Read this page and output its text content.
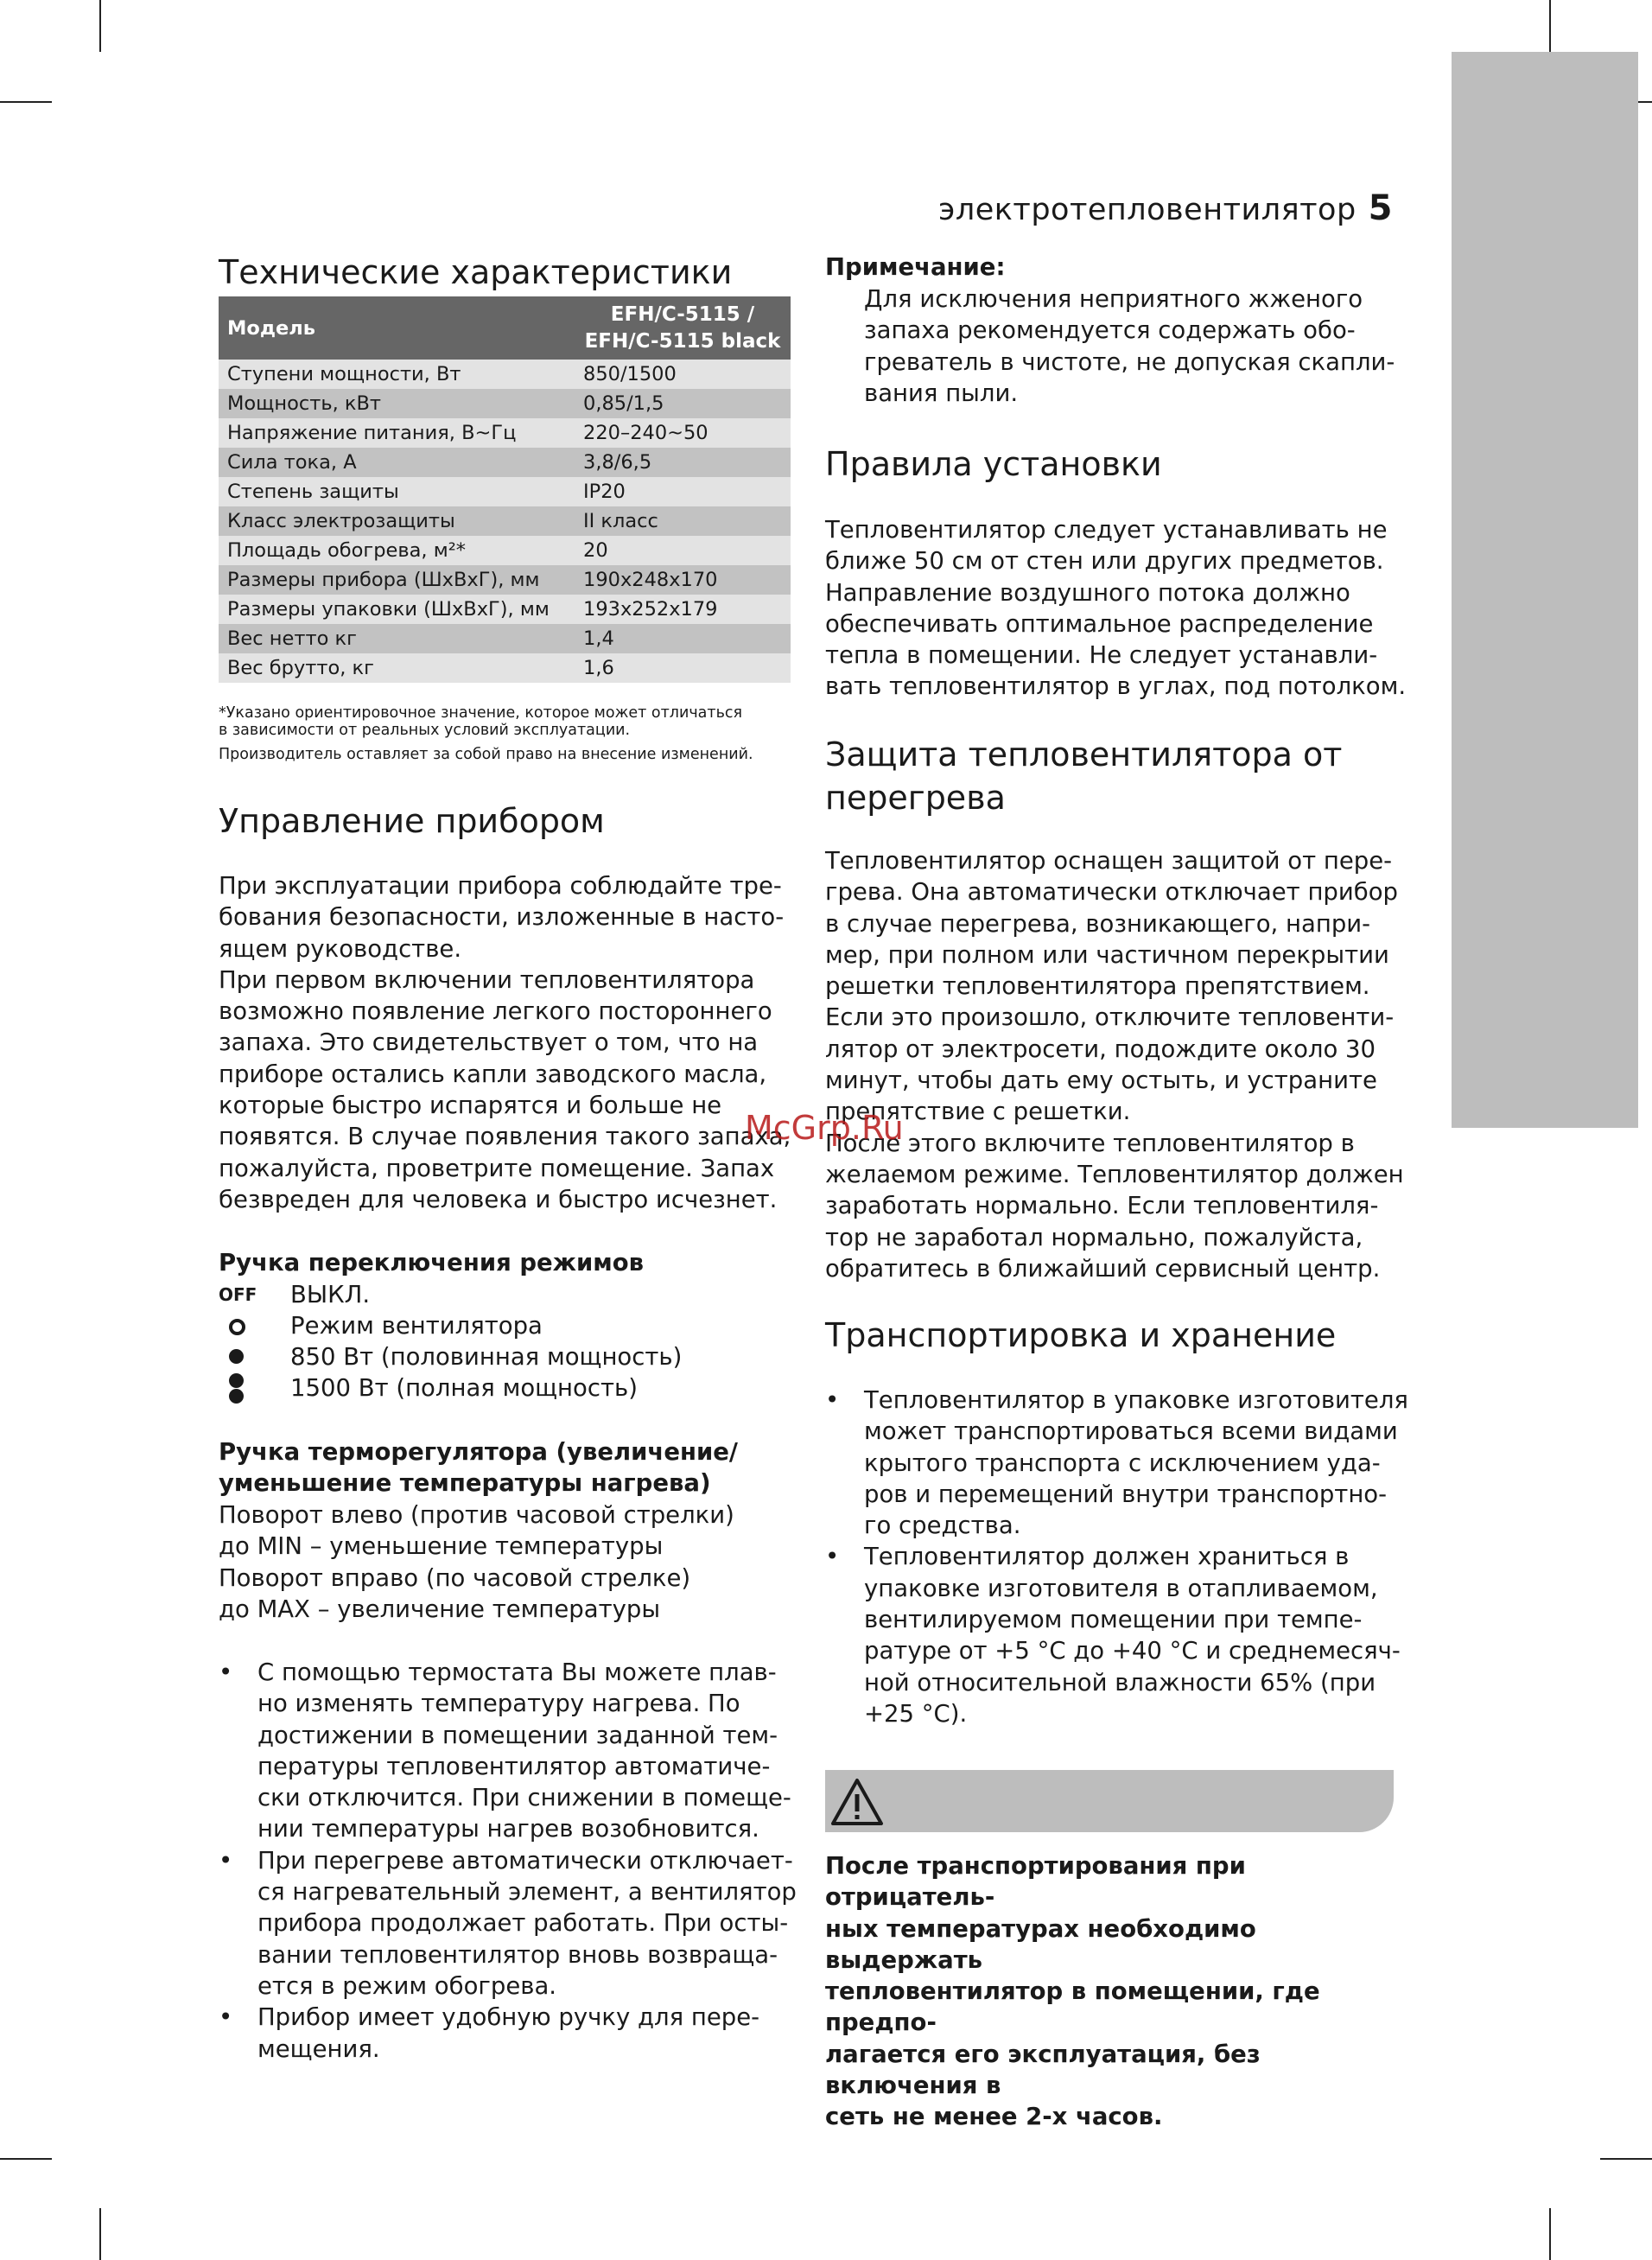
электротепловентилятор 5
Технические характеристики
Модель	EFH/C-5115 /
EFH/C-5115 black

Ступени мощности, Вт	850/1500
Мощность, кВт	0,85/1,5
Напряжение питания, В~Гц	220–240~50
Сила тока, А	3,8/6,5
Степень защиты	IP20
Класс электрозащиты	II класс
Площадь обогрева, м²*	20
Размеры прибора (ШxВxГ), мм	190x248x170
Размеры упаковки (ШxВxГ), мм	193x252x179
Вес нетто кг	1,4
Вес брутто, кг	1,6

*Указано ориентировочное значение, которое может отличаться
в зависимости от реальных условий эксплуатации.

Производитель оставляет за собой право на внесение изменений.

Управление прибором

При эксплуатации прибора соблюдайте тре-

бования безопасности, изложенные в насто-

ящем руководстве.

При первом включении тепловентилятора

возможно появление легкого постороннего

запаха. Это свидетельствует о том, что на

приборе остались капли заводского масла,

которые быстро испарятся и больше не

появятся. В случае появления такого запаха,

пожалуйста, проветрите помещение. Запах

безвреден для человека и быстро исчезнет.

Ручка переключения режимов

OFF ВЫКЛ.
Режим вентилятора
850 Вт (половинная мощность)
1500 Вт (полная мощность)

Ручка терморегулятора (увеличение/
уменьшение температуры нагрева)

Поворот влево (против часовой стрелки)

до MIN – уменьшение температуры

Поворот вправо (по часовой стрелке)

до MAX – увеличение температуры

• С помощью термостата Вы можете плав-
но изменять температуру нагрева. По
достижении в помещении заданной тем-
пературы тепловентилятор автоматиче-
ски отключится. При снижении в помеще-
нии температуры нагрев возобновится.
• При перегреве автоматически отключает-
ся нагревательный элемент, а вентилятор
прибора продолжает работать. При осты-
вании тепловентилятор вновь возвраща-
ется в режим обогрева.
• Прибор имеет удобную ручку для пере-
мещения.

Примечание:

Для исключения неприятного жженого

запаха рекомендуется содержать обо-

греватель в чистоте, не допуская скапли-

вания пыли.

Правила установки

Тепловентилятор следует устанавливать не

ближе 50 см от стен или других предметов.

Направление воздушного потока должно

обеспечивать оптимальное распределение

тепла в помещении. Не следует устанавли-

вать тепловентилятор в углах, под потолком.

Защита тепловентилятора от
перегрева

Тепловентилятор оснащен защитой от пере-

грева. Она автоматически отключает прибор

в случае перегрева, возникающего, напри-

мер, при полном или частичном перекрытии

решетки тепловентилятора препятствием.

Если это произошло, отключите тепловенти-

лятор от электросети, подождите около 30

минут, чтобы дать ему остыть, и устраните

препятствие с решетки.

После этого включите тепловентилятор в

желаемом режиме. Тепловентилятор должен

заработать нормально. Если тепловентиля-

тор не заработал нормально, пожалуйста,

обратитесь в ближайший сервисный центр.

Транспортировка и хранение
• Тепловентилятор в упаковке изготовителя
может транспортироваться всеми видами
крытого транспорта с исключением уда-
ров и перемещений внутри транспортно-
го средства.
• Тепловентилятор должен храниться в
упаковке изготовителя в отапливаемом,
вентилируемом помещении при темпе-
ратуре от +5 °С до +40 °С и среднемесяч-
ной относительной влажности 65% (при
+25 °С).

После транспортирования при отрицатель-

ных температурах необходимо выдержать

тепловентилятор в помещении, где предпо-

лагается его эксплуатация, без включения в

сеть не менее 2-х часов.

McGrp.Ru
